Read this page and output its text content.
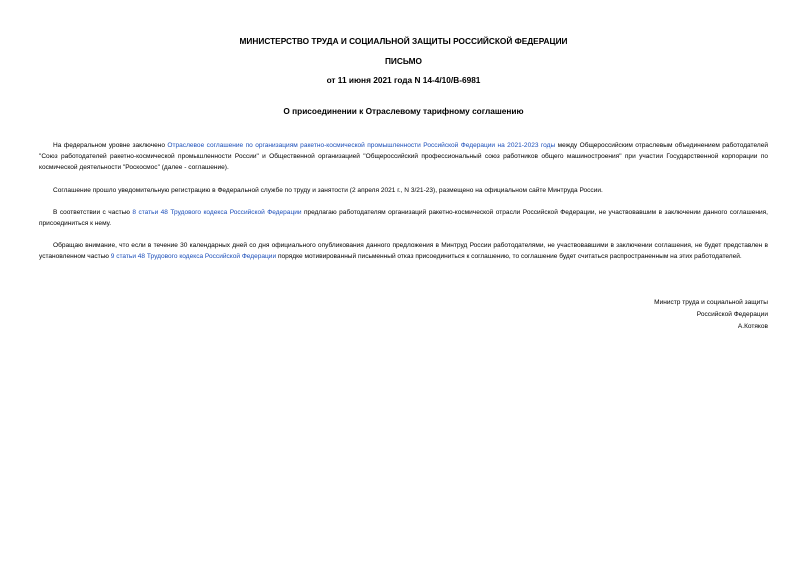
МИНИСТЕРСТВО ТРУДА И СОЦИАЛЬНОЙ ЗАЩИТЫ РОССИЙСКОЙ ФЕДЕРАЦИИ
ПИСЬМО
от 11 июня 2021 года N 14-4/10/В-6981
О присоединении к Отраслевому тарифному соглашению

На федеральном уровне заключено Отраслевое соглашение по организациям ракетно-космической промышленности Российской Федерации на 2021-2023 годы между Общероссийским отраслевым объединением работодателей "Союз работодателей ракетно-космической промышленности России" и Общественной организацией "Общероссийский профессиональный союз работников общего машиностроения" при участии Государственной корпорации по космической деятельности "Роскосмос" (далее - соглашение).

Соглашение прошло уведомительную регистрацию в Федеральной службе по труду и занятости (2 апреля 2021 г., N 3/21-23), размещено на официальном сайте Минтруда России.

В соответствии с частью 8 статьи 48 Трудового кодекса Российской Федерации предлагаю работодателям организаций ракетно-космической отрасли Российской Федерации, не участвовавшим в заключении данного соглашения, присоединиться к нему.

Обращаю внимание, что если в течение 30 календарных дней со дня официального опубликования данного предложения в Минтруд России работодателями, не участвовавшими в заключении соглашения, не будет представлен в установленном частью 9 статьи 48 Трудового кодекса Российской Федерации порядке мотивированный письменный отказ присоединиться к соглашению, то соглашение будет считаться распространенным на этих работодателей.

Министр труда и социальной защиты
Российской Федерации
А.Котяков
